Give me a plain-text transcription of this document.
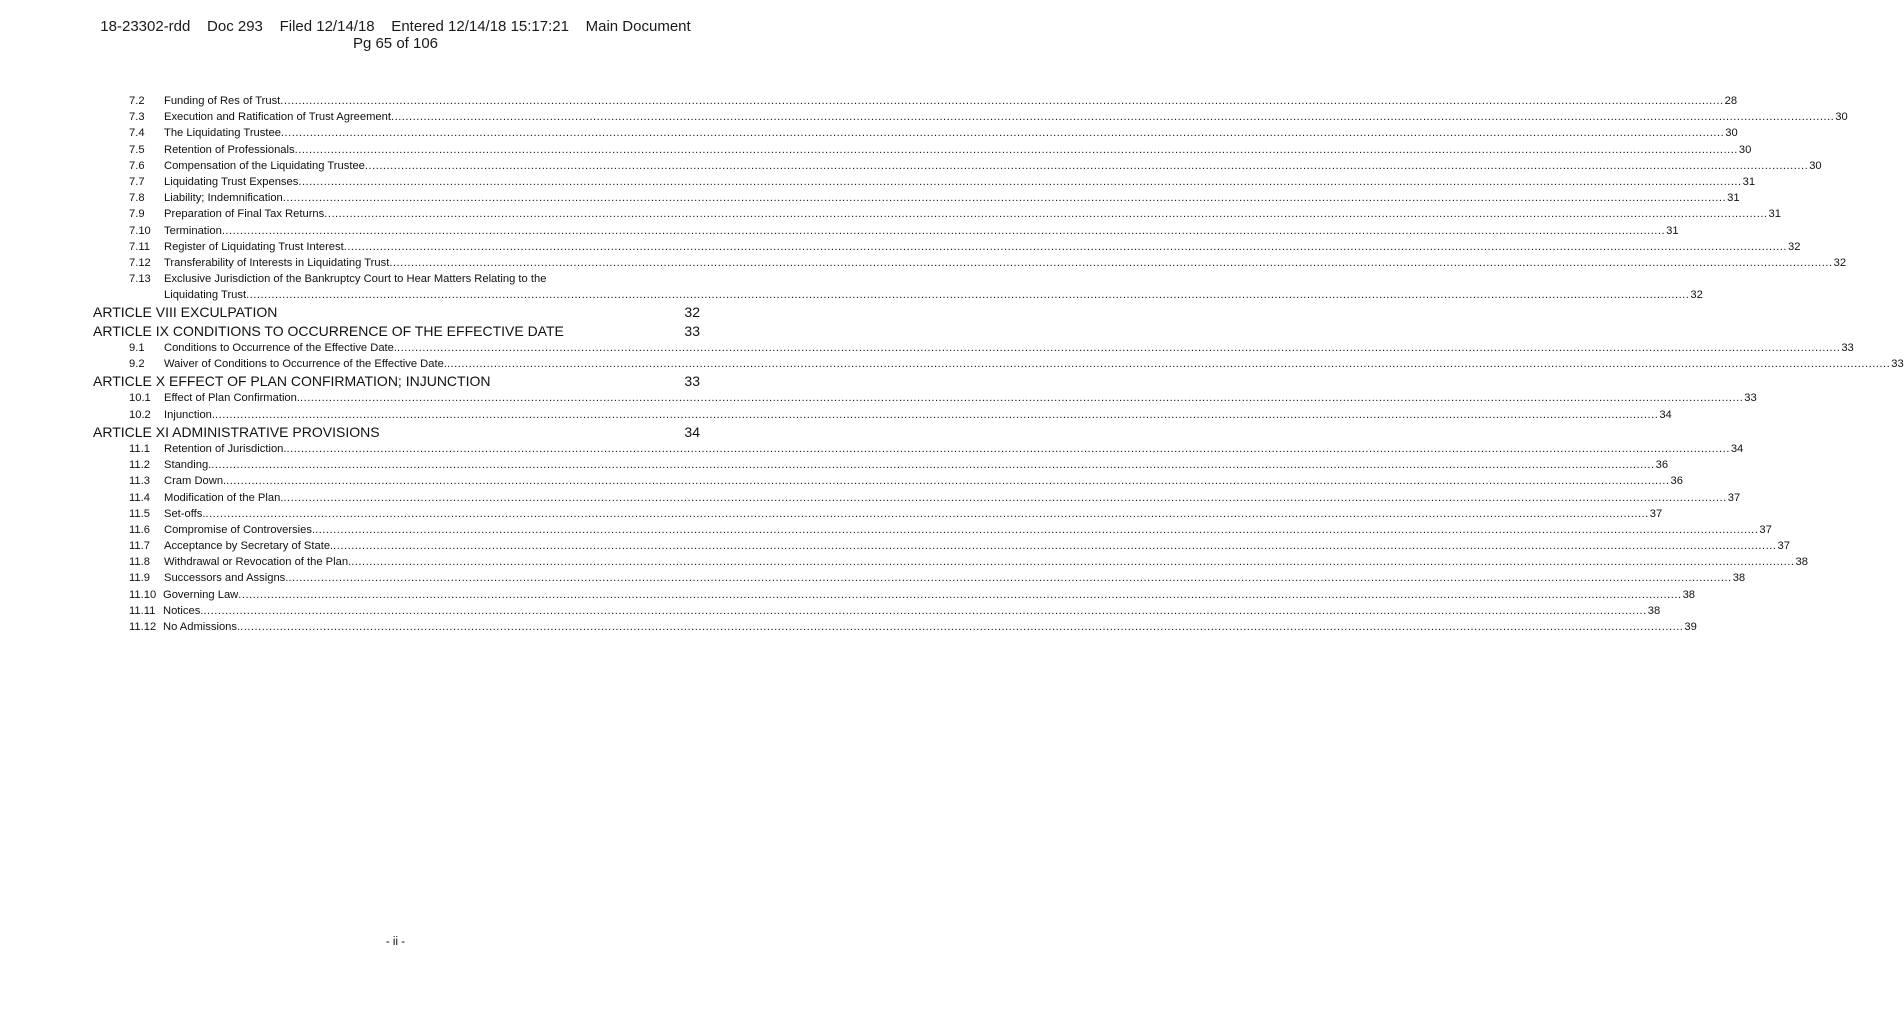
18-23302-rdd    Doc 293    Filed 12/14/18    Entered 12/14/18 15:17:21    Main Document
Pg 65 of 106
7.2 Funding of Res of Trust ................................................................................................................................................................................................................................................................................................................................................................................................................ 28
7.3 Execution and Ratification of Trust Agreement ................................................................................................................................................................................................................................................................................................................................................................................................................ 30
7.4 The Liquidating Trustee ................................................................................................................................................................................................................................................................................................................................................................................................................ 30
7.5 Retention of Professionals ................................................................................................................................................................................................................................................................................................................................................................................................................ 30
7.6 Compensation of the Liquidating Trustee ................................................................................................................................................................................................................................................................................................................................................................................................................ 30
7.7 Liquidating Trust Expenses ................................................................................................................................................................................................................................................................................................................................................................................................................ 31
7.8 Liability; Indemnification ................................................................................................................................................................................................................................................................................................................................................................................................................ 31
7.9 Preparation of Final Tax Returns ................................................................................................................................................................................................................................................................................................................................................................................................................ 31
7.10 Termination ................................................................................................................................................................................................................................................................................................................................................................................................................ 31
7.11 Register of Liquidating Trust Interest ................................................................................................................................................................................................................................................................................................................................................................................................................ 32
7.12 Transferability of Interests in Liquidating Trust ................................................................................................................................................................................................................................................................................................................................................................................................................ 32
7.13 Exclusive Jurisdiction of the Bankruptcy Court to Hear Matters Relating to the
Liquidating Trust ................................................................................................................................................................................................................................................................................................................................................................................................................ 32
ARTICLE VIII EXCULPATION	32
ARTICLE IX CONDITIONS TO OCCURRENCE OF THE EFFECTIVE DATE	33
9.1 Conditions to Occurrence of the Effective Date. ................................................................................................................................................................................................................................................................................................................................................................................................................ 33
9.2 Waiver of Conditions to Occurrence of the Effective Date. ................................................................................................................................................................................................................................................................................................................................................................................................................ 33
ARTICLE X EFFECT OF PLAN CONFIRMATION; INJUNCTION	33
10.1 Effect of Plan Confirmation. ................................................................................................................................................................................................................................................................................................................................................................................................................ 33
10.2 Injunction. ................................................................................................................................................................................................................................................................................................................................................................................................................ 34
ARTICLE XI ADMINISTRATIVE PROVISIONS	34
11.1 Retention of Jurisdiction. ................................................................................................................................................................................................................................................................................................................................................................................................................ 34
11.2 Standing. ................................................................................................................................................................................................................................................................................................................................................................................................................ 36
11.3 Cram Down. ................................................................................................................................................................................................................................................................................................................................................................................................................ 36
11.4 Modification of the Plan. ................................................................................................................................................................................................................................................................................................................................................................................................................ 37
11.5 Set-offs. ................................................................................................................................................................................................................................................................................................................................................................................................................ 37
11.6 Compromise of Controversies. ................................................................................................................................................................................................................................................................................................................................................................................................................ 37
11.7 Acceptance by Secretary of State. ................................................................................................................................................................................................................................................................................................................................................................................................................ 37
11.8 Withdrawal or Revocation of the Plan. ................................................................................................................................................................................................................................................................................................................................................................................................................ 38
11.9 Successors and Assigns. ................................................................................................................................................................................................................................................................................................................................................................................................................ 38
11.10 Governing Law ................................................................................................................................................................................................................................................................................................................................................................................................................ 38
11.11 Notices. ................................................................................................................................................................................................................................................................................................................................................................................................................ 38
11.12 No Admissions. ................................................................................................................................................................................................................................................................................................................................................................................................................ 39
- ii -
